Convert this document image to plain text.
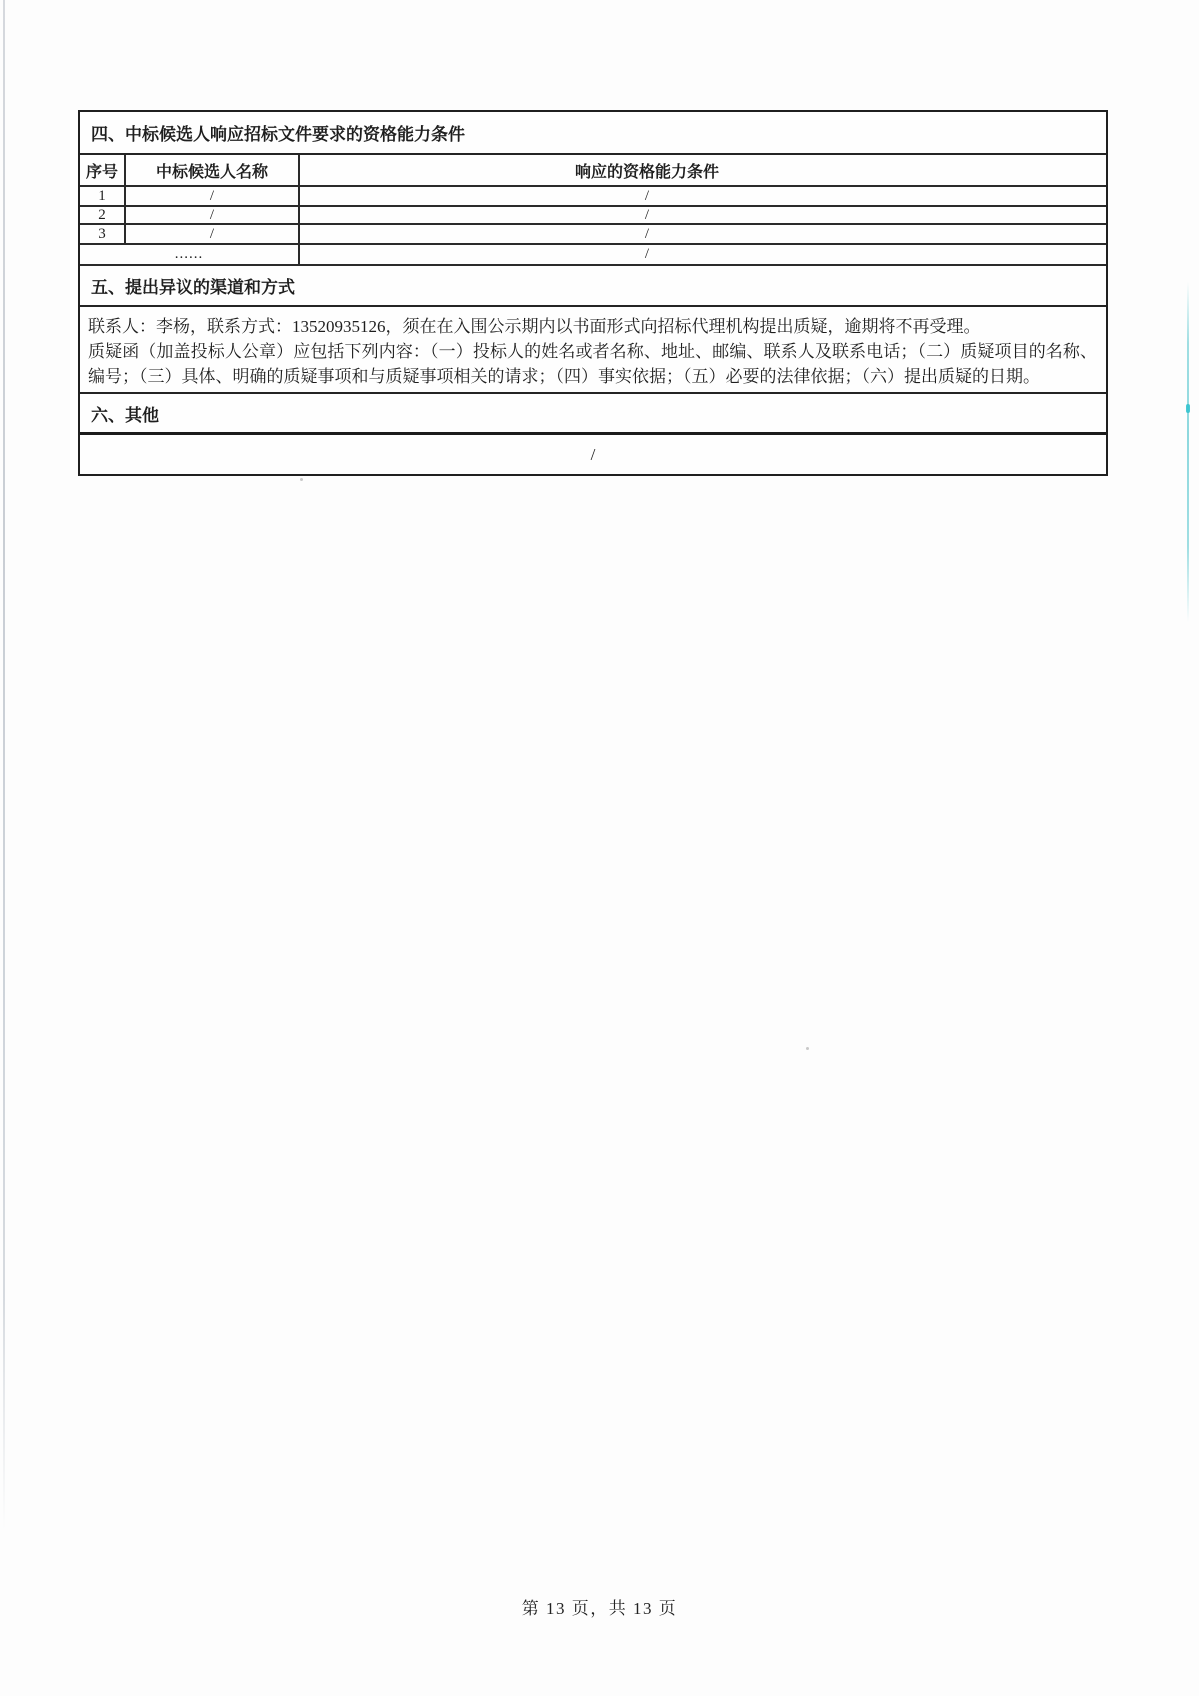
四、中标候选人响应招标文件要求的资格能力条件
序号	中标候选人名称	响应的资格能力条件
1	/	/
2	/	/
3	/	/
......	/
五、提出异议的渠道和方式
联系人：李杨，联系方式：13520935126，须在在入围公示期内以书面形式向招标代理机构提出质疑，逾期将不再受理。
质疑函（加盖投标人公章）应包括下列内容：（一）投标人的姓名或者名称、地址、邮编、联系人及联系电话；（二）质疑项目的名称、编号；（三）具体、明确的质疑事项和与质疑事项相关的请求；（四）事实依据；（五）必要的法律依据；（六）提出质疑的日期。
六、其他
/
第 13 页，共 13 页
